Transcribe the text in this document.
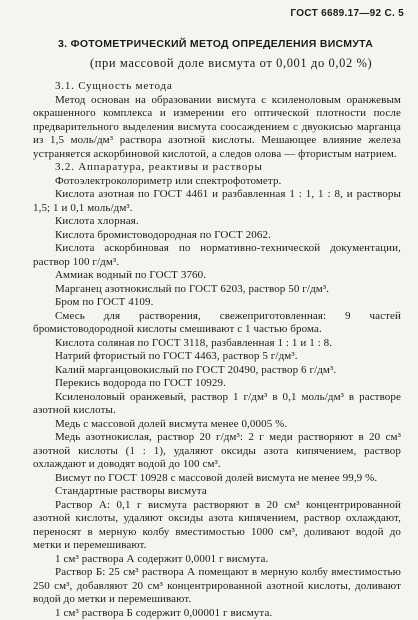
ГОСТ 6689.17—92 С. 5
3. ФОТОМЕТРИЧЕСКИЙ МЕТОД ОПРЕДЕЛЕНИЯ ВИСМУТА
(при массовой доле висмута от 0,001 до 0,02 %)

3.1. Сущность метода

Метод основан на образовании висмута с ксиленоловым оранжевым окрашенного комплекса и измерении его оптической плотности после предварительного выделения висмута соосаждением с двуокисью марганца из 1,5 моль/дм³ раствора азотной кислоты. Мешающее влияние железа устраняется аскорбиновой кислотой, а следов олова — фтористым натрием.

3.2. Аппаратура, реактивы и растворы

Фотоэлектроколориметр или спектрофотометр.

Кислота азотная по ГОСТ 4461 и разбавленная 1 : 1, 1 : 8, и растворы 1,5; 1 и 0,1 моль/дм³.

Кислота хлорная.

Кислота бромистоводородная по ГОСТ 2062.

Кислота аскорбиновая по нормативно-технической документации, раствор 100 г/дм³.

Аммиак водный по ГОСТ 3760.

Марганец азотнокислый по ГОСТ 6203, раствор 50 г/дм³.

Бром по ГОСТ 4109.

Смесь для растворения, свежеприготовленная: 9 частей бромистоводородной кислоты смешивают с 1 частью брома.

Кислота соляная по ГОСТ 3118, разбавленная 1 : 1 и 1 : 8.

Натрий фтористый по ГОСТ 4463, раствор 5 г/дм³.

Калий марганцовокислый по ГОСТ 20490, раствор 6 г/дм³.

Перекись водорода по ГОСТ 10929.

Ксиленоловый оранжевый, раствор 1 г/дм³ в 0,1 моль/дм³ в растворе азотной кислоты.

Медь с массовой долей висмута менее 0,0005 %.

Медь азотнокислая, раствор 20 г/дм³: 2 г меди растворяют в 20 см³ азотной кислоты (1 : 1), удаляют оксиды азота кипячением, раствор охлаждают и доводят водой до 100 см³.

Висмут по ГОСТ 10928 с массовой долей висмута не менее 99,9 %.

Стандартные растворы висмута

Раствор А: 0,1 г висмута растворяют в 20 см³ концентрированной азотной кислоты, удаляют оксиды азота кипячением, раствор охлаждают, переносят в мерную колбу вместимостью 1000 см³, доливают водой до метки и перемешивают.

1 см³ раствора А содержит 0,0001 г висмута.

Раствор Б: 25 см³ раствора А помещают в мерную колбу вместимостью 250 см³, добавляют 20 см³ концентрированной азотной кислоты, доливают водой до метки и перемешивают.

1 см³ раствора Б содержит 0,00001 г висмута.
